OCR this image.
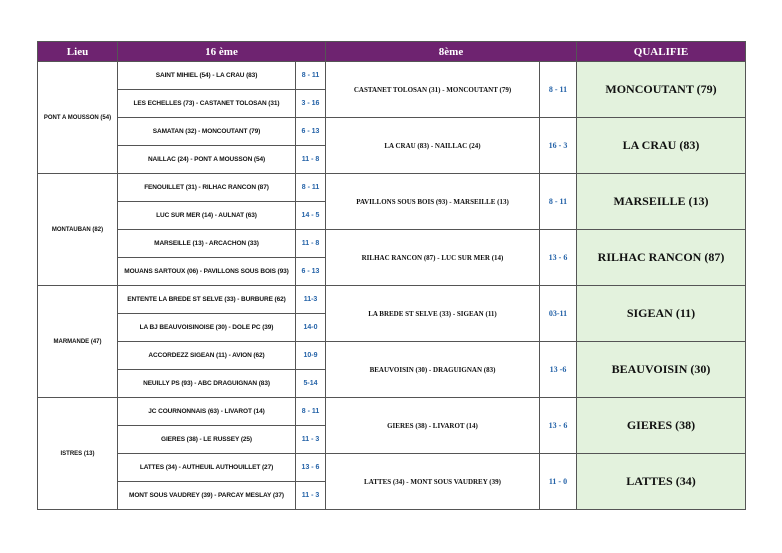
Lieu	16 ème		8ème		QUALIFIE
PONT A MOUSSON (54)	SAINT MIHIEL (54) - LA CRAU (83)	8 - 11	CASTANET TOLOSAN (31) - MONCOUTANT (79)	8 - 11	MONCOUTANT (79)
	LES ECHELLES (73) - CASTANET TOLOSAN (31)	3 - 16			
	SAMATAN (32) - MONCOUTANT (79)	6 - 13	LA CRAU (83) - NAILLAC (24)	16 - 3	LA CRAU (83)
	NAILLAC (24) - PONT A MOUSSON (54)	11 - 8			
MONTAUBAN (82)	FENOUILLET (31) - RILHAC RANCON (87)	8 - 11	PAVILLONS SOUS BOIS (93) - MARSEILLE (13)	8 - 11	MARSEILLE (13)
	LUC SUR MER (14) - AULNAT (63)	14 - 5			
	MARSEILLE (13) - ARCACHON (33)	11 - 8	RILHAC RANCON (87) - LUC SUR MER (14)	13 - 6	RILHAC RANCON (87)
	MOUANS SARTOUX (06) - PAVILLONS SOUS BOIS (93)	6 - 13			
MARMANDE (47)	ENTENTE LA BREDE ST SELVE (33) - BURBURE (62)	11-3	LA BREDE ST SELVE (33) - SIGEAN (11)	03-11	SIGEAN (11)
	LA BJ BEAUVOISINOISE (30) - DOLE PC (39)	14-0			
	ACCORDEZZ SIGEAN (11) - AVION (62)	10-9	BEAUVOISIN (30) - DRAGUIGNAN (83)	13 -6	BEAUVOISIN (30)
	NEUILLY PS (93) - ABC DRAGUIGNAN (83)	5-14			
ISTRES (13)	JC COURNONNAIS (63) - LIVAROT (14)	8 - 11	GIERES (38) - LIVAROT (14)	13 - 6	GIERES (38)
	GIERES (38) - LE RUSSEY (25)	11 - 3			
	LATTES (34) - AUTHEUIL AUTHOUILLET (27)	13 - 6	LATTES (34) - MONT SOUS VAUDREY (39)	11 - 0	LATTES (34)
	MONT SOUS VAUDREY (39) - PARCAY MESLAY (37)	11 - 3			
